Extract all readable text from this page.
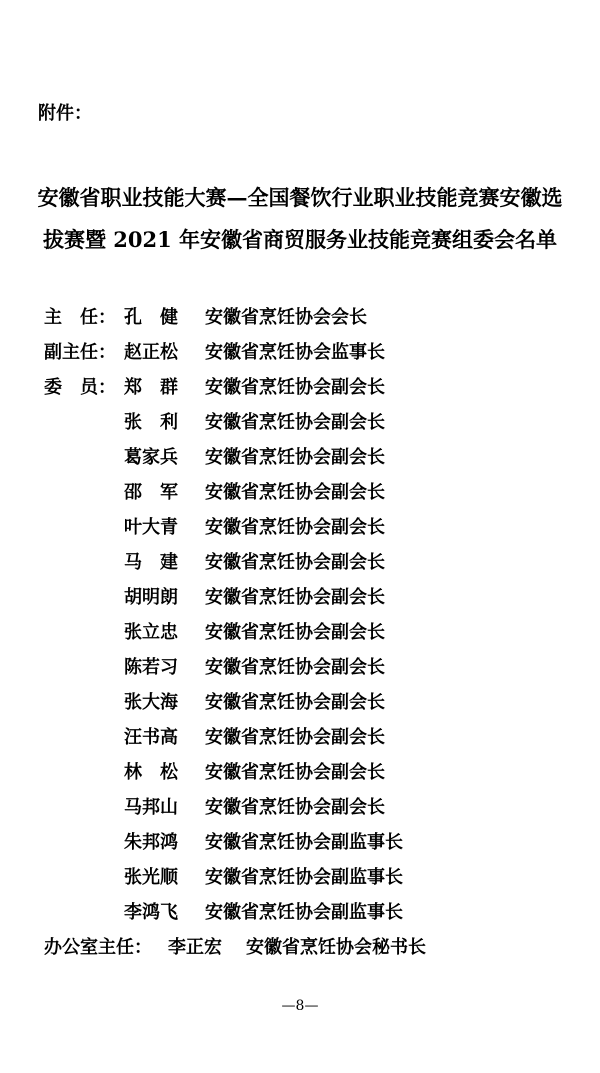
附件：
安徽省职业技能大赛—全国餐饮行业职业技能竞赛安徽选
拔赛暨 2021 年安徽省商贸服务业技能竞赛组委会名单
主　任： 孔　健 安徽省烹饪协会会长
副主任： 赵正松 安徽省烹饪协会监事长
委　员： 郑　群 安徽省烹饪协会副会长
张　利 安徽省烹饪协会副会长
葛家兵 安徽省烹饪协会副会长
邵　军 安徽省烹饪协会副会长
叶大青 安徽省烹饪协会副会长
马　建 安徽省烹饪协会副会长
胡明朗 安徽省烹饪协会副会长
张立忠 安徽省烹饪协会副会长
陈若习 安徽省烹饪协会副会长
张大海 安徽省烹饪协会副会长
汪书高 安徽省烹饪协会副会长
林　松 安徽省烹饪协会副会长
马邦山 安徽省烹饪协会副会长
朱邦鸿 安徽省烹饪协会副监事长
张光顺 安徽省烹饪协会副监事长
李鸿飞 安徽省烹饪协会副监事长
办公室主任： 李正宏 安徽省烹饪协会秘书长
—8—
